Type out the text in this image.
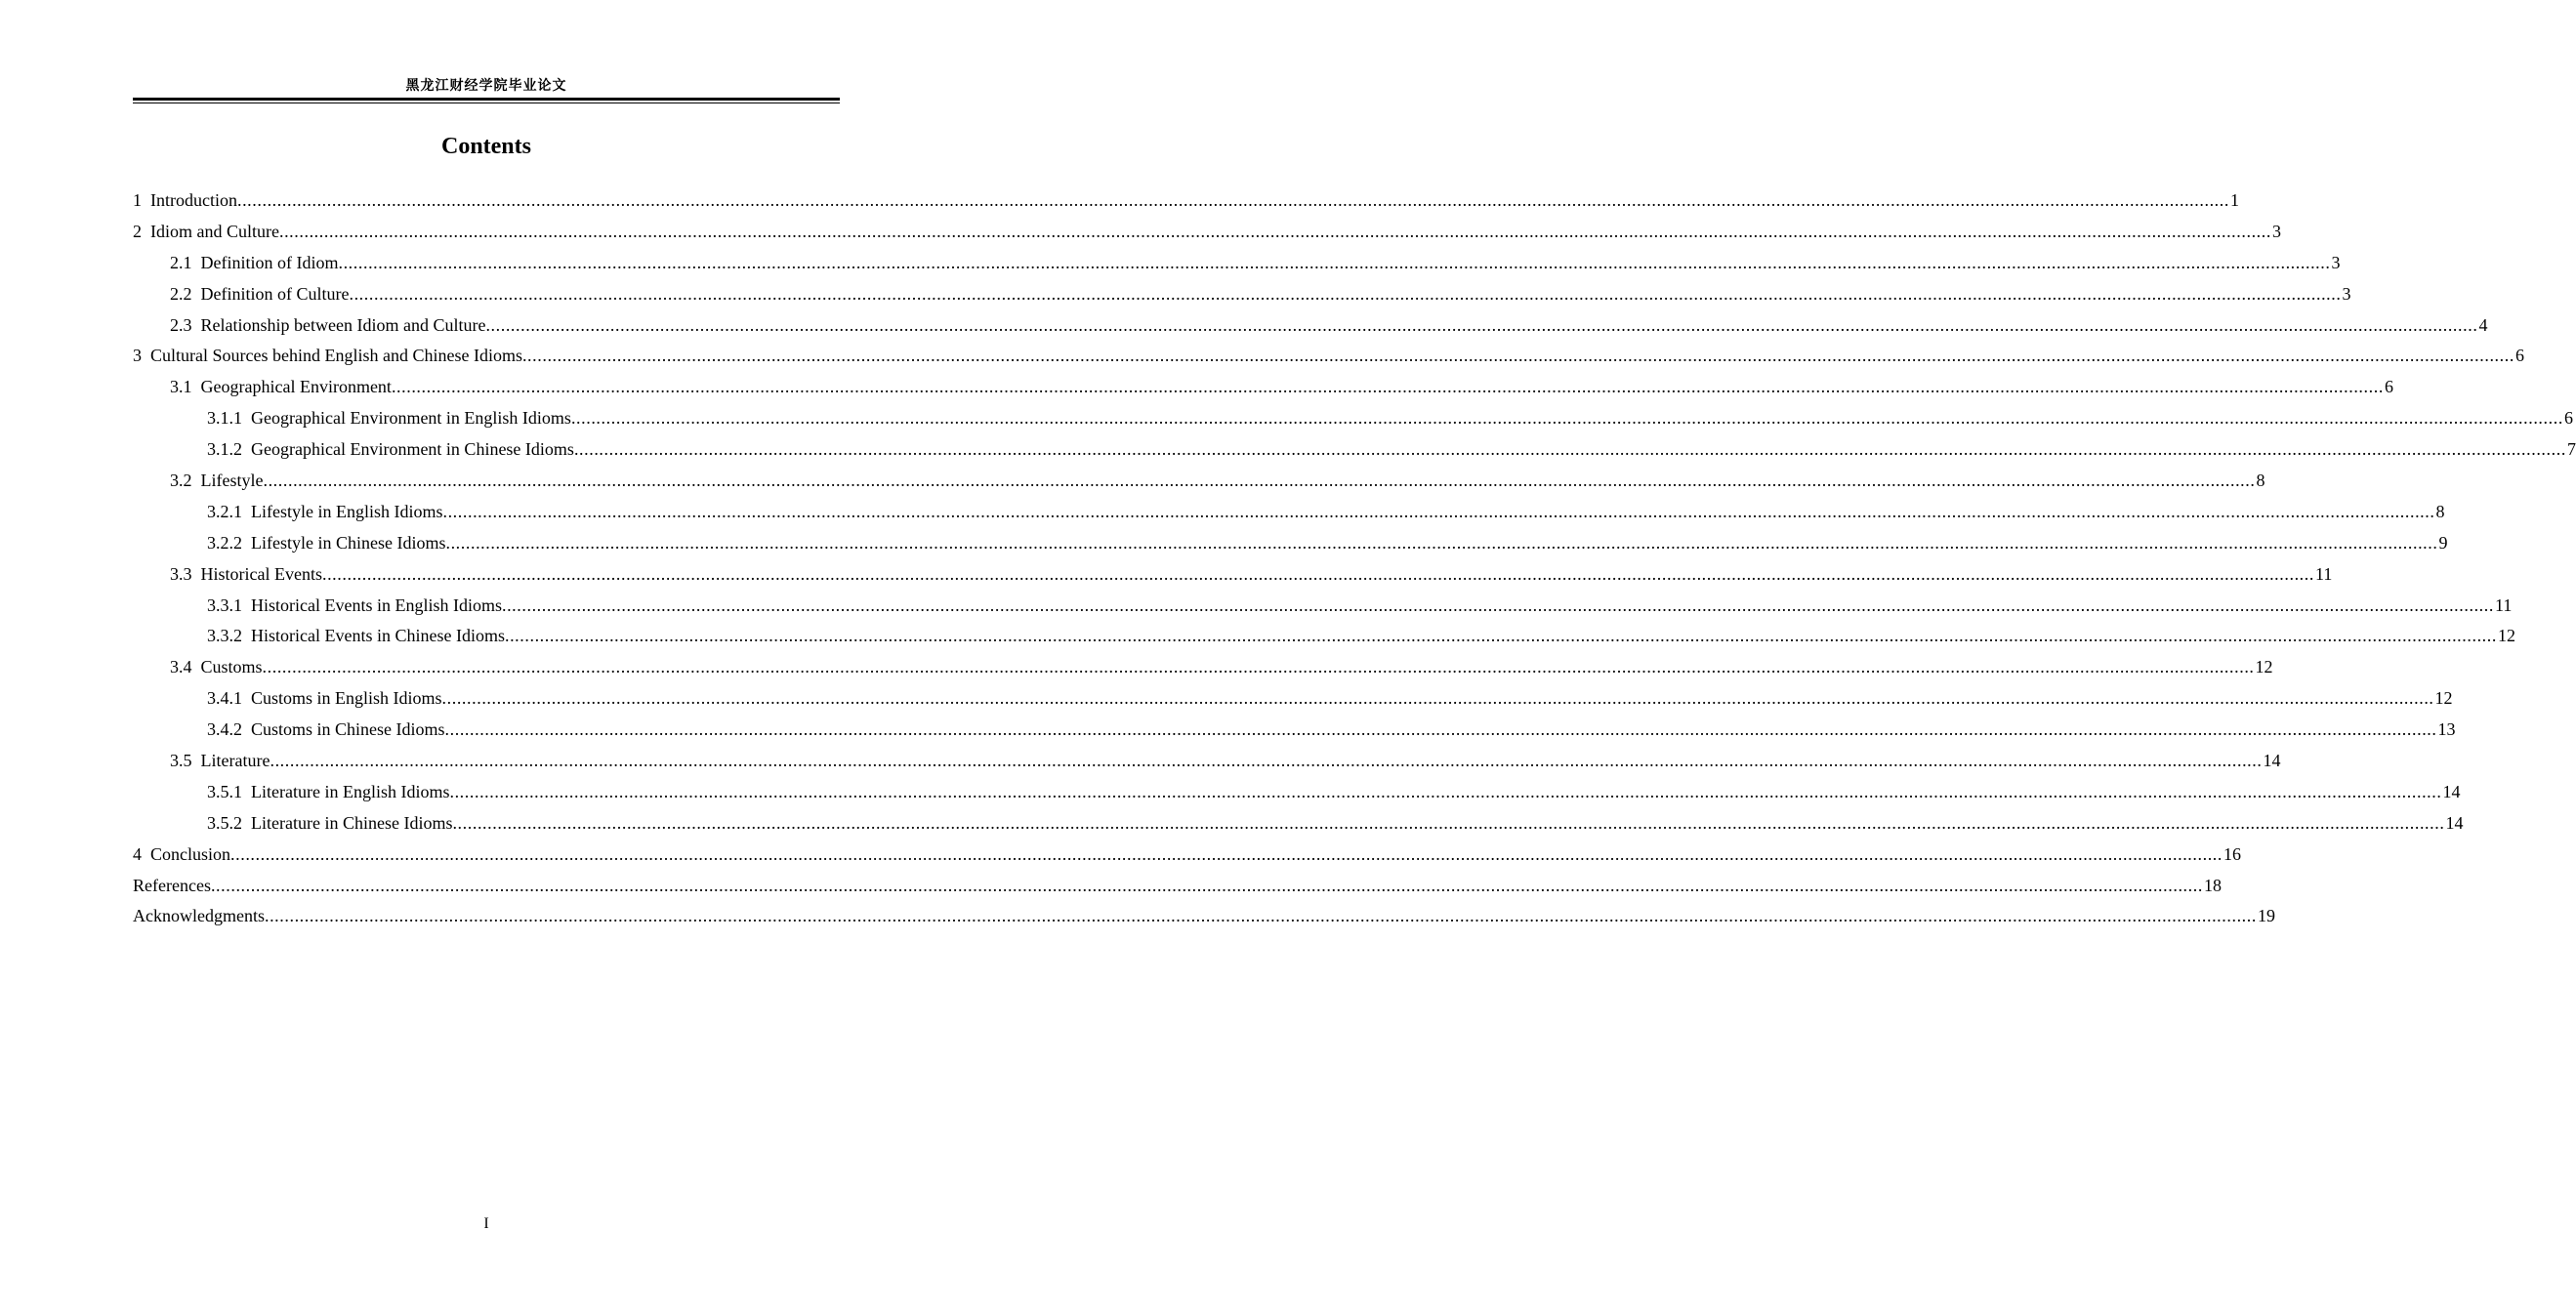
黑龙江财经学院毕业论文
Contents
1 Introduction ................................................................................................................................................................................................................................................................................................................................................................................................................ 1
2 Idiom and Culture ................................................................................................................................................................................................................................................................................................................................................................................................................ 3
2.1 Definition of Idiom ................................................................................................................................................................................................................................................................................................................................................................................................................ 3
2.2 Definition of Culture ................................................................................................................................................................................................................................................................................................................................................................................................................ 3
2.3 Relationship between Idiom and Culture ................................................................................................................................................................................................................................................................................................................................................................................................................ 4
3 Cultural Sources behind English and Chinese Idioms ................................................................................................................................................................................................................................................................................................................................................................................................................ 6
3.1 Geographical Environment ................................................................................................................................................................................................................................................................................................................................................................................................................ 6
3.1.1 Geographical Environment in English Idioms ................................................................................................................................................................................................................................................................................................................................................................................................................ 6
3.1.2 Geographical Environment in Chinese Idioms ................................................................................................................................................................................................................................................................................................................................................................................................................ 7
3.2 Lifestyle ................................................................................................................................................................................................................................................................................................................................................................................................................ 8
3.2.1 Lifestyle in English Idioms ................................................................................................................................................................................................................................................................................................................................................................................................................ 8
3.2.2 Lifestyle in Chinese Idioms ................................................................................................................................................................................................................................................................................................................................................................................................................ 9
3.3 Historical Events ................................................................................................................................................................................................................................................................................................................................................................................................................ 11
3.3.1 Historical Events in English Idioms ................................................................................................................................................................................................................................................................................................................................................................................................................ 11
3.3.2 Historical Events in Chinese Idioms ................................................................................................................................................................................................................................................................................................................................................................................................................ 12
3.4 Customs ................................................................................................................................................................................................................................................................................................................................................................................................................ 12
3.4.1 Customs in English Idioms ................................................................................................................................................................................................................................................................................................................................................................................................................ 12
3.4.2 Customs in Chinese Idioms ................................................................................................................................................................................................................................................................................................................................................................................................................ 13
3.5 Literature ................................................................................................................................................................................................................................................................................................................................................................................................................ 14
3.5.1 Literature in English Idioms ................................................................................................................................................................................................................................................................................................................................................................................................................ 14
3.5.2 Literature in Chinese Idioms ................................................................................................................................................................................................................................................................................................................................................................................................................ 14
4 Conclusion ................................................................................................................................................................................................................................................................................................................................................................................................................ 16
References ................................................................................................................................................................................................................................................................................................................................................................................................................ 18
Acknowledgments ................................................................................................................................................................................................................................................................................................................................................................................................................ 19
I
